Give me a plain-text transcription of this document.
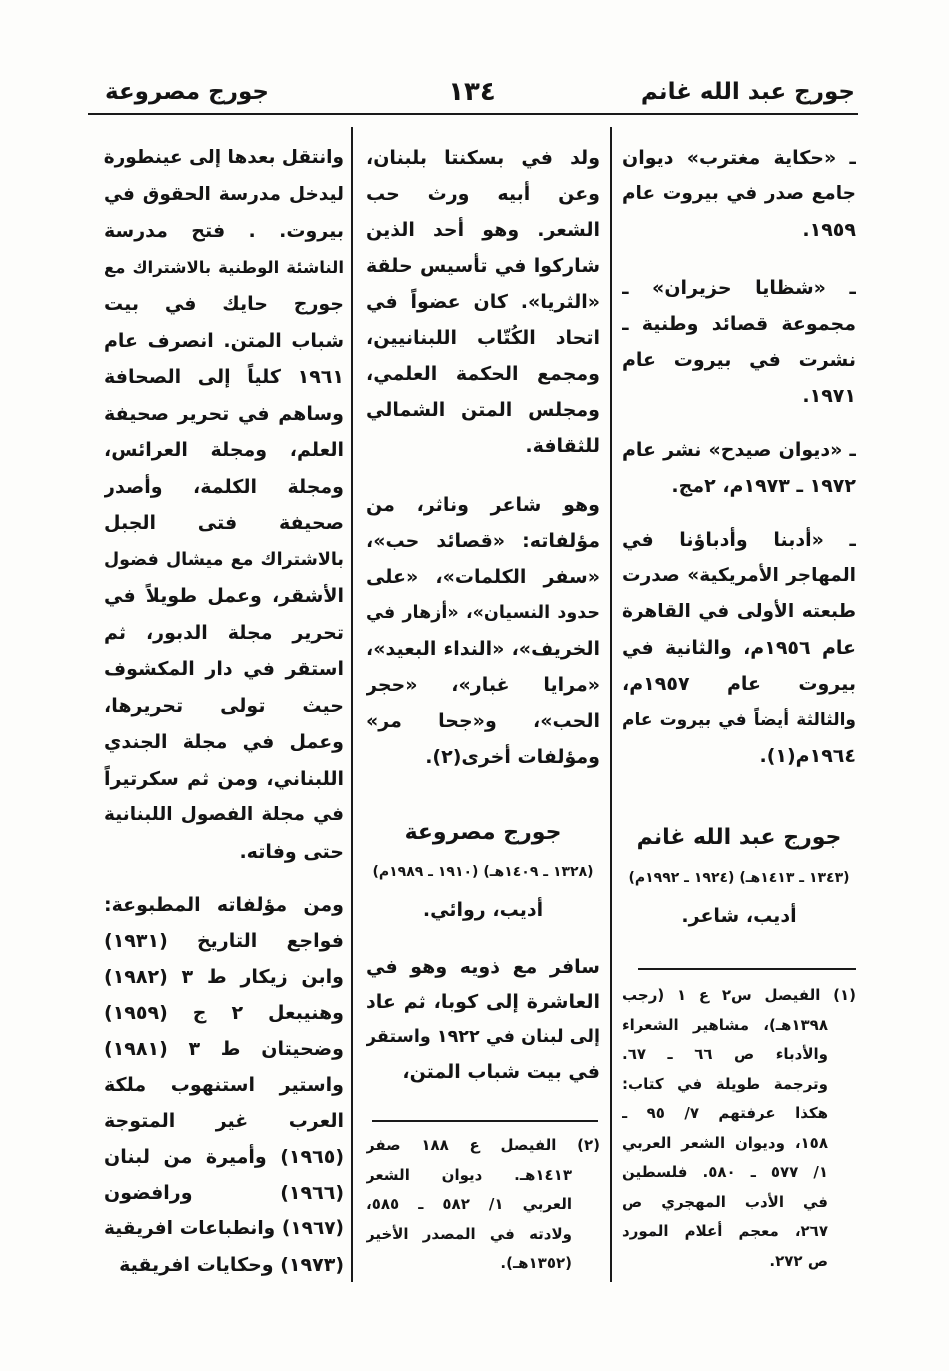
جورج عبد الله غانم
١٣٤
جورج مصروعة
ـ «حكاية مغترب» ديوان
جامع صدر في بيروت عام
١٩٥٩.
ـ «شظايا حزيران» ـ
مجموعة قصائد وطنية ـ
نشرت في بيروت عام
١٩٧١.
ـ «ديوان صيدح» نشر عام
١٩٧٢ ـ ١٩٧٣م، ٢مج.
ـ «أدبنا وأدباؤنا في
المهاجر الأمريكية» صدرت
طبعته الأولى في القاهرة
عام ١٩٥٦م، والثانية في
بيروت عام ١٩٥٧م،
والثالثة أيضاً في بيروت عام
١٩٦٤م(١).
جورج عبد الله غانم
(١٣٤٣ ـ ١٤١٣هـ) (١٩٢٤ ـ ١٩٩٢م)
أديب، شاعر.
(١) الفيصل س٢ ع ١ (رجب
١٣٩٨هـ)، مشاهير الشعراء
والأدباء ص ٦٦ ـ ٦٧.
وترجمة طويلة في كتاب:
هكذا عرفتهم ٧/ ٩٥ ـ
١٥٨، وديوان الشعر العربي
١/ ٥٧٧ ـ ٥٨٠. فلسطين
في الأدب المهجري ص
٢٦٧، معجم أعلام المورد
ص ٢٧٢.
ولد في بسكنتا بلبنان،
وعن أبيه ورث حب
الشعر. وهو أحد الذين
شاركوا في تأسيس حلقة
«الثريا». كان عضواً في
اتحاد الكُتّاب اللبنانيين،
ومجمع الحكمة العلمي،
ومجلس المتن الشمالي
للثقافة.
وهو شاعر وناثر، من
مؤلفاته: «قصائد حب»،
«سفر الكلمات»، «على
حدود النسيان»، «أزهار في
الخريف»، «النداء البعيد»،
«مرايا غبار»، «حجر
الحب»، و«جحا مر»
ومؤلفات أخرى(٢).
جورج مصروعة
(١٣٢٨ ـ ١٤٠٩هـ) (١٩١٠ ـ ١٩٨٩م)
أديب، روائي.
سافر مع ذويه وهو في
العاشرة إلى كوبا، ثم عاد
إلى لبنان في ١٩٢٢ واستقر
في بيت شباب المتن،
(٢) الفيصل ع ١٨٨ صفر
١٤١٣هـ. ديوان الشعر
العربي ١/ ٥٨٢ ـ ٥٨٥،
ولادته في المصدر الأخير
(١٣٥٢هـ).
وانتقل بعدها إلى عينطورة
ليدخل مدرسة الحقوق في
بيروت. . فتح مدرسة
الناشئة الوطنية بالاشتراك مع
جورج حايك في بيت
شباب المتن. انصرف عام
١٩٦١ كلياً إلى الصحافة
وساهم في تحرير صحيفة
العلم، ومجلة العرائس،
ومجلة الكلمة، وأصدر
صحيفة فتى الجبل
بالاشتراك مع ميشال فضول
الأشقر، وعمل طويلاً في
تحرير مجلة الدبور، ثم
استقر في دار المكشوف
حيث تولى تحريرها،
وعمل في مجلة الجندي
اللبناني، ومن ثم سكرتيراً
في مجلة الفصول اللبنانية
حتى وفاته.
ومن مؤلفاته المطبوعة:
فواجع التاريخ (١٩٣١)
وابن زيكار ط ٣ (١٩٨٢)
وهنيبعل ٢ ج (١٩٥٩)
وضحيتان ط ٣ (١٩٨١)
واستير استنهوب ملكة
العرب غير المتوجة
(١٩٦٥) وأميرة من لبنان
(١٩٦٦) ورافضون
(١٩٦٧) وانطباعات افريقية
(١٩٧٣) وحكايات افريقية
